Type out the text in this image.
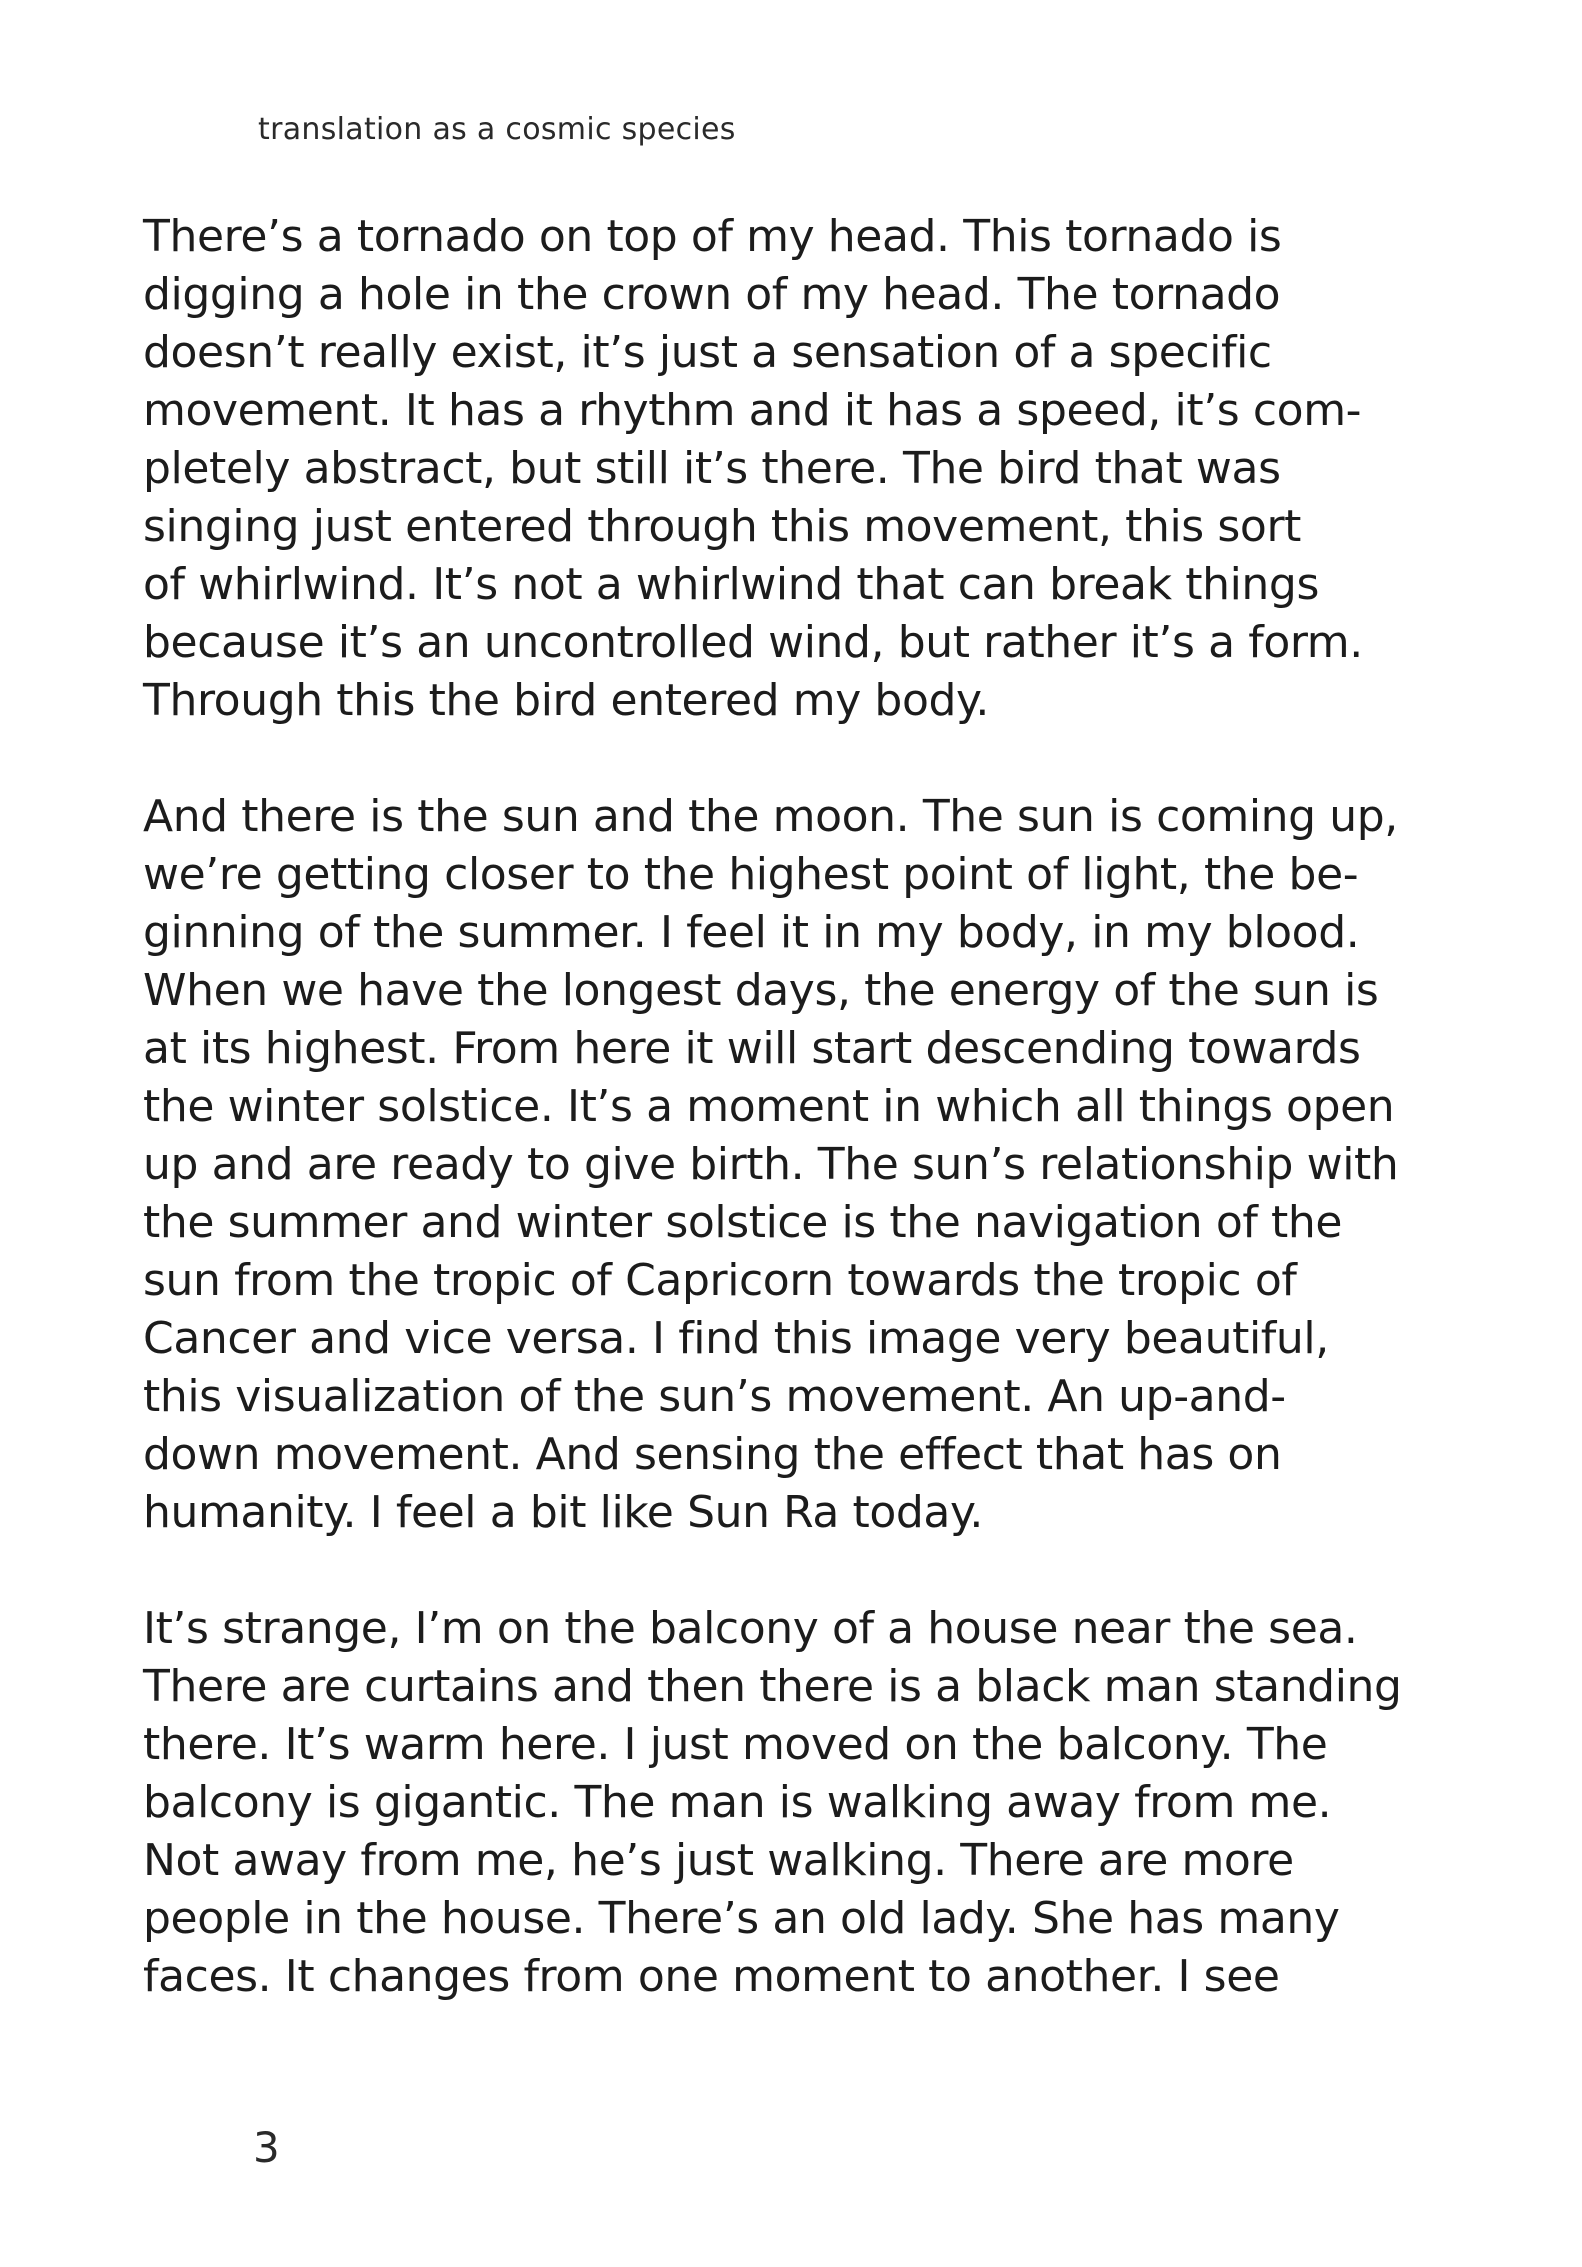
translation as a cosmic species

There’s a tornado on top of my head. This tornado is
digging a hole in the crown of my head. The tornado
doesn’t really exist, it’s just a sensation of a specific
movement. It has a rhythm and it has a speed, it’s com-
pletely abstract, but still it’s there. The bird that was
singing just entered through this movement, this sort
of whirlwind. It’s not a whirlwind that can break things
because it’s an uncontrolled wind, but rather it’s a form.
Through this the bird entered my body.

And there is the sun and the moon. The sun is coming up,
we’re getting closer to the highest point of light, the be-
ginning of the summer. I feel it in my body, in my blood.
When we have the longest days, the energy of the sun is
at its highest. From here it will start descending towards
the winter solstice. It’s a moment in which all things open
up and are ready to give birth. The sun’s relationship with
the summer and winter solstice is the navigation of the
sun from the tropic of Capricorn towards the tropic of
Cancer and vice versa. I find this image very beautiful,
this visualization of the sun’s movement. An up-and-
down movement. And sensing the effect that has on
humanity. I feel a bit like Sun Ra today.

It’s strange, I’m on the balcony of a house near the sea.
There are curtains and then there is a black man standing
there. It’s warm here. I just moved on the balcony. The
balcony is gigantic. The man is walking away from me.
Not away from me, he’s just walking. There are more
people in the house. There’s an old lady. She has many
faces. It changes from one moment to another. I see

3
